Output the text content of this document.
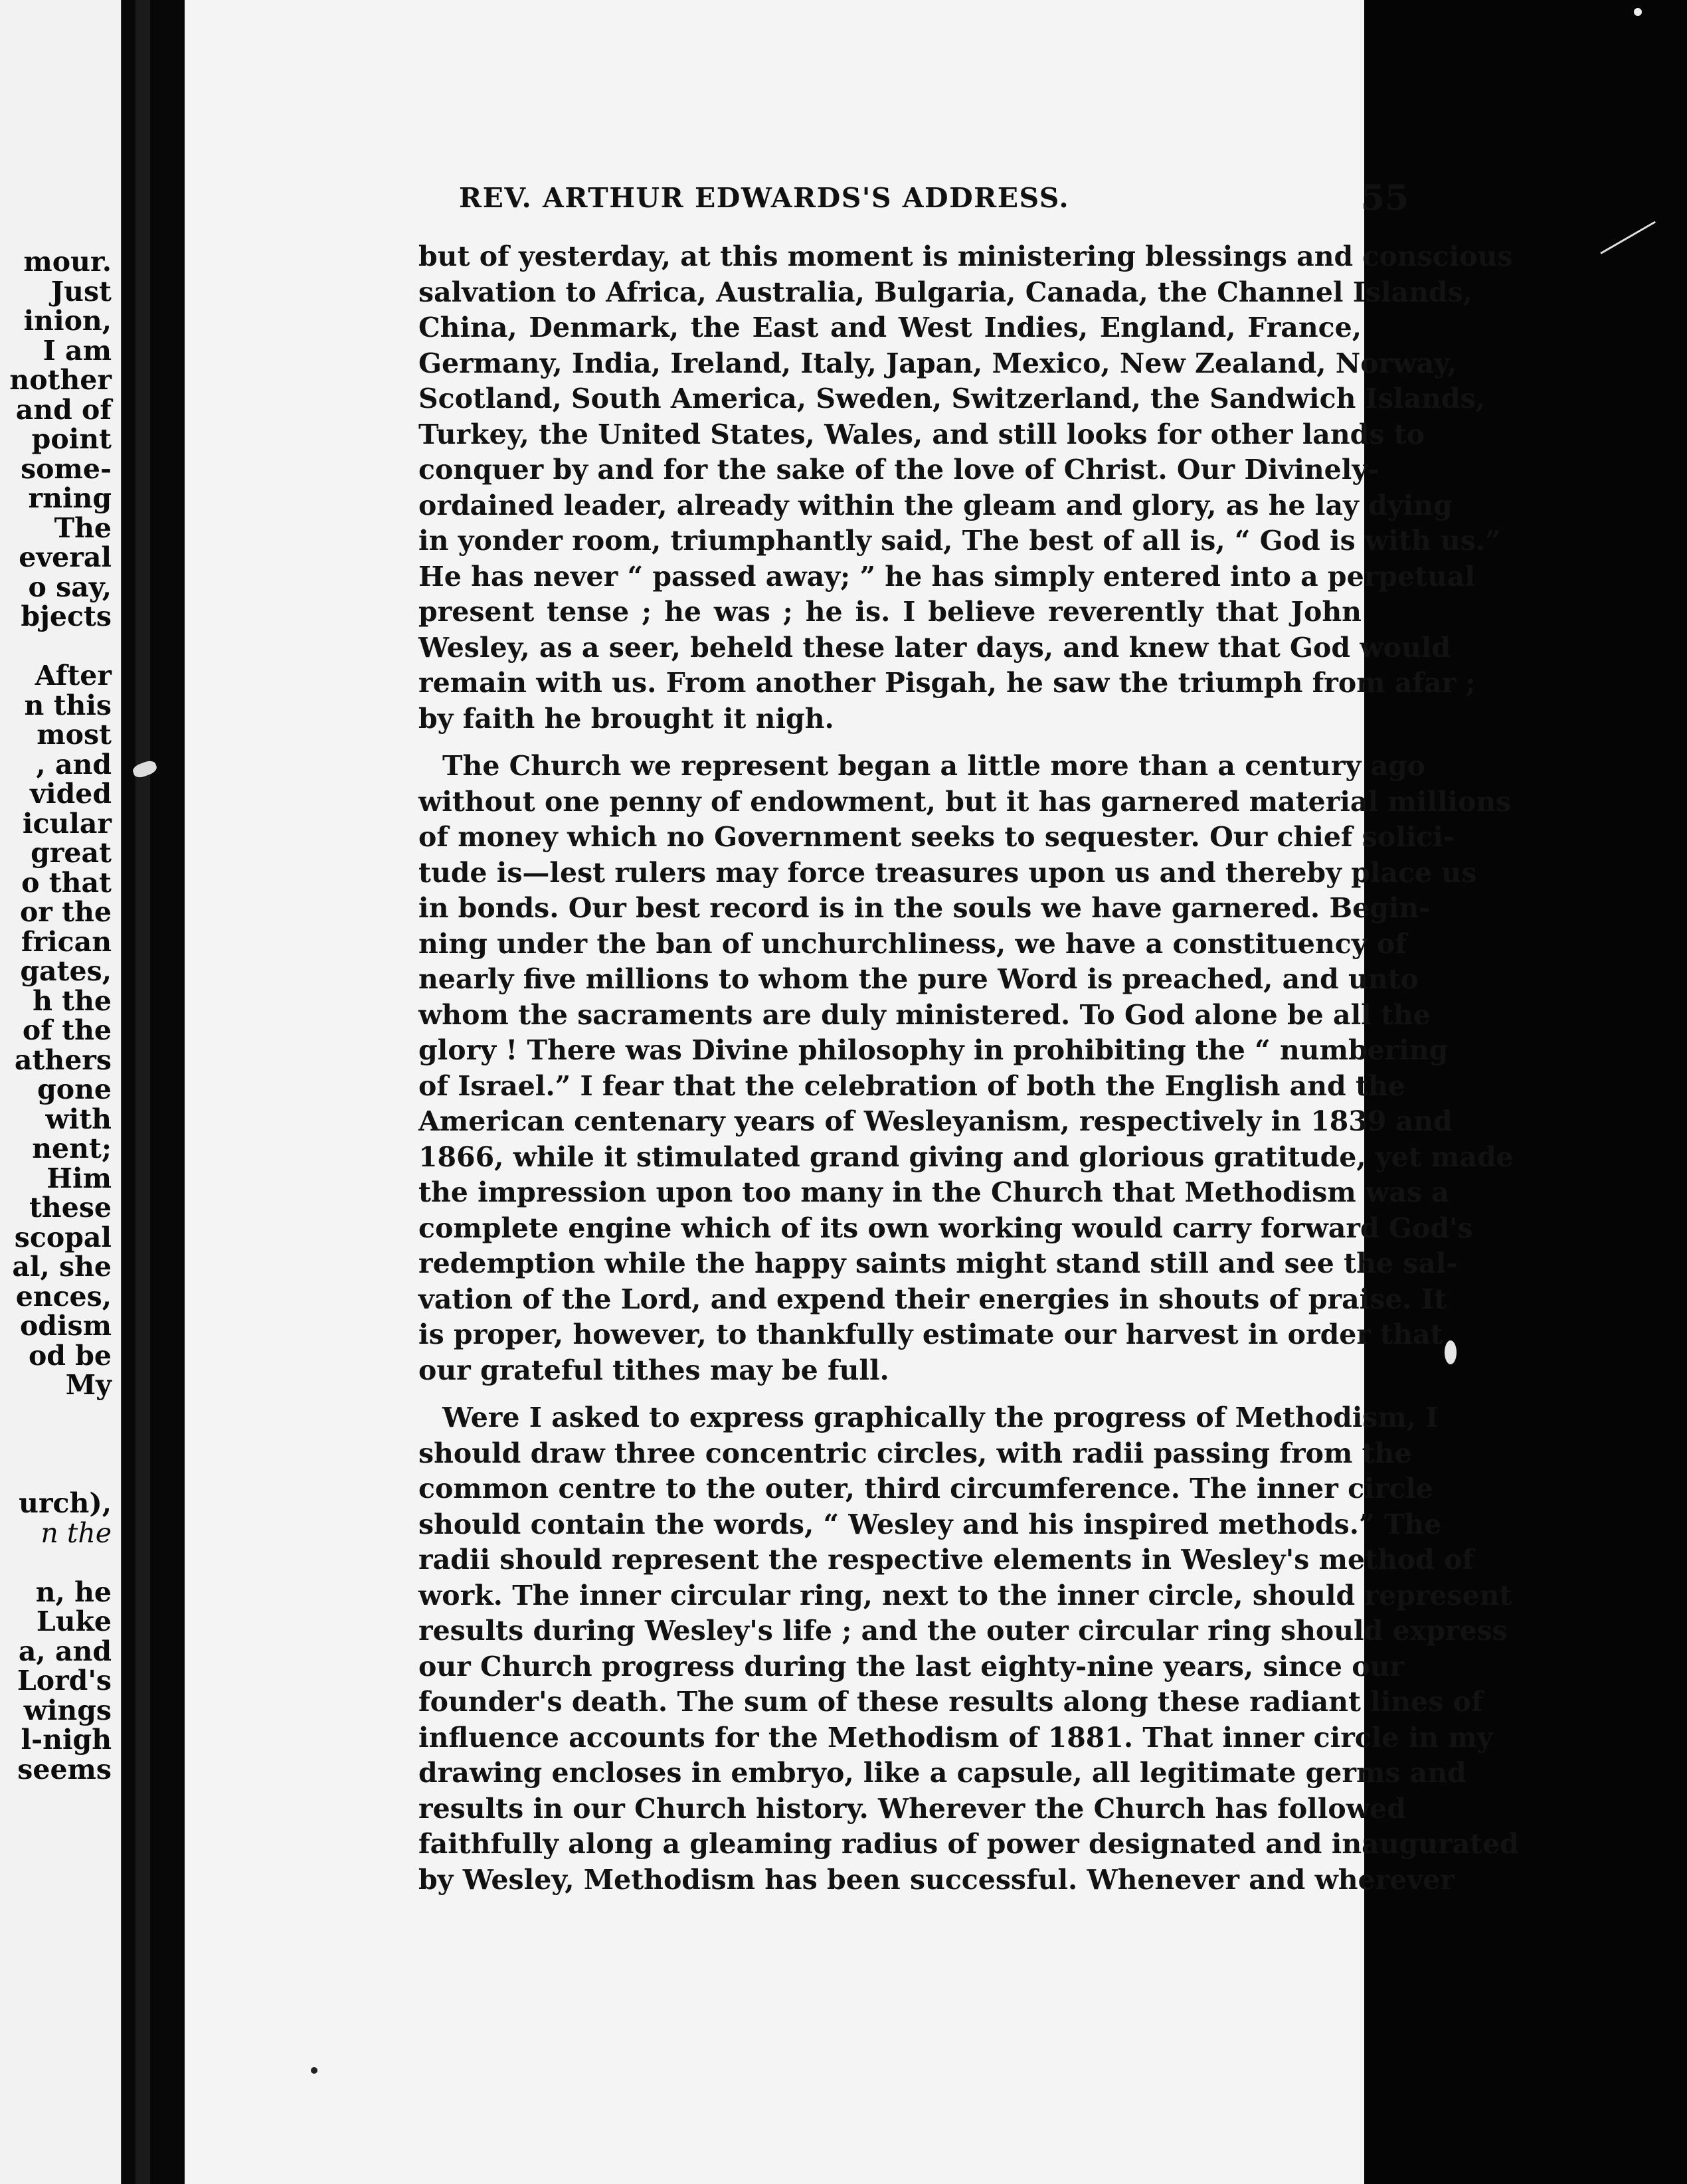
mour.
Just
inion,
I am
nother
and of
point
some-
rning
The
everal
o say,
bjects
After
n this
most
, and
vided
icular
great
o that
or the
frican
gates,
h the
of the
athers
gone
with
nent;
Him
these
scopal
al, she
ences,
odism
od be
My
urch),
n the
n, he
Luke
a, and
Lord's
wings
l-nigh
seems
REV. ARTHUR EDWARDS'S ADDRESS.	55
but of yesterday, at this moment is ministering blessings and conscious
salvation to Africa, Australia, Bulgaria, Canada, the Channel Islands,
China, Denmark, the East and West Indies, England, France,
Germany, India, Ireland, Italy, Japan, Mexico, New Zealand, Norway,
Scotland, South America, Sweden, Switzerland, the Sandwich Islands,
Turkey, the United States, Wales, and still looks for other lands to
conquer by and for the sake of the love of Christ. Our Divinely-
ordained leader, already within the gleam and glory, as he lay dying
in yonder room, triumphantly said, The best of all is, “ God is with us.”
He has never “ passed away; ” he has simply entered into a perpetual
present tense ; he was ; he is. I believe reverently that John
Wesley, as a seer, beheld these later days, and knew that God would
remain with us. From another Pisgah, he saw the triumph from afar ;
by faith he brought it nigh.
The Church we represent began a little more than a century ago
without one penny of endowment, but it has garnered material millions
of money which no Government seeks to sequester. Our chief solici-
tude is—lest rulers may force treasures upon us and thereby place us
in bonds. Our best record is in the souls we have garnered. Begin-
ning under the ban of unchurchliness, we have a constituency of
nearly five millions to whom the pure Word is preached, and unto
whom the sacraments are duly ministered. To God alone be all the
glory ! There was Divine philosophy in prohibiting the “ numbering
of Israel.” I fear that the celebration of both the English and the
American centenary years of Wesleyanism, respectively in 1839 and
1866, while it stimulated grand giving and glorious gratitude, yet made
the impression upon too many in the Church that Methodism was a
complete engine which of its own working would carry forward God's
redemption while the happy saints might stand still and see the sal-
vation of the Lord, and expend their energies in shouts of praise. It
is proper, however, to thankfully estimate our harvest in order that
our grateful tithes may be full.
Were I asked to express graphically the progress of Methodism, I
should draw three concentric circles, with radii passing from the
common centre to the outer, third circumference. The inner circle
should contain the words, “ Wesley and his inspired methods.” The
radii should represent the respective elements in Wesley's method of
work. The inner circular ring, next to the inner circle, should represent
results during Wesley's life ; and the outer circular ring should express
our Church progress during the last eighty-nine years, since our
founder's death. The sum of these results along these radiant lines of
influence accounts for the Methodism of 1881. That inner circle in my
drawing encloses in embryo, like a capsule, all legitimate germs and
results in our Church history. Wherever the Church has followed
faithfully along a gleaming radius of power designated and inaugurated
by Wesley, Methodism has been successful. Whenever and wherever
